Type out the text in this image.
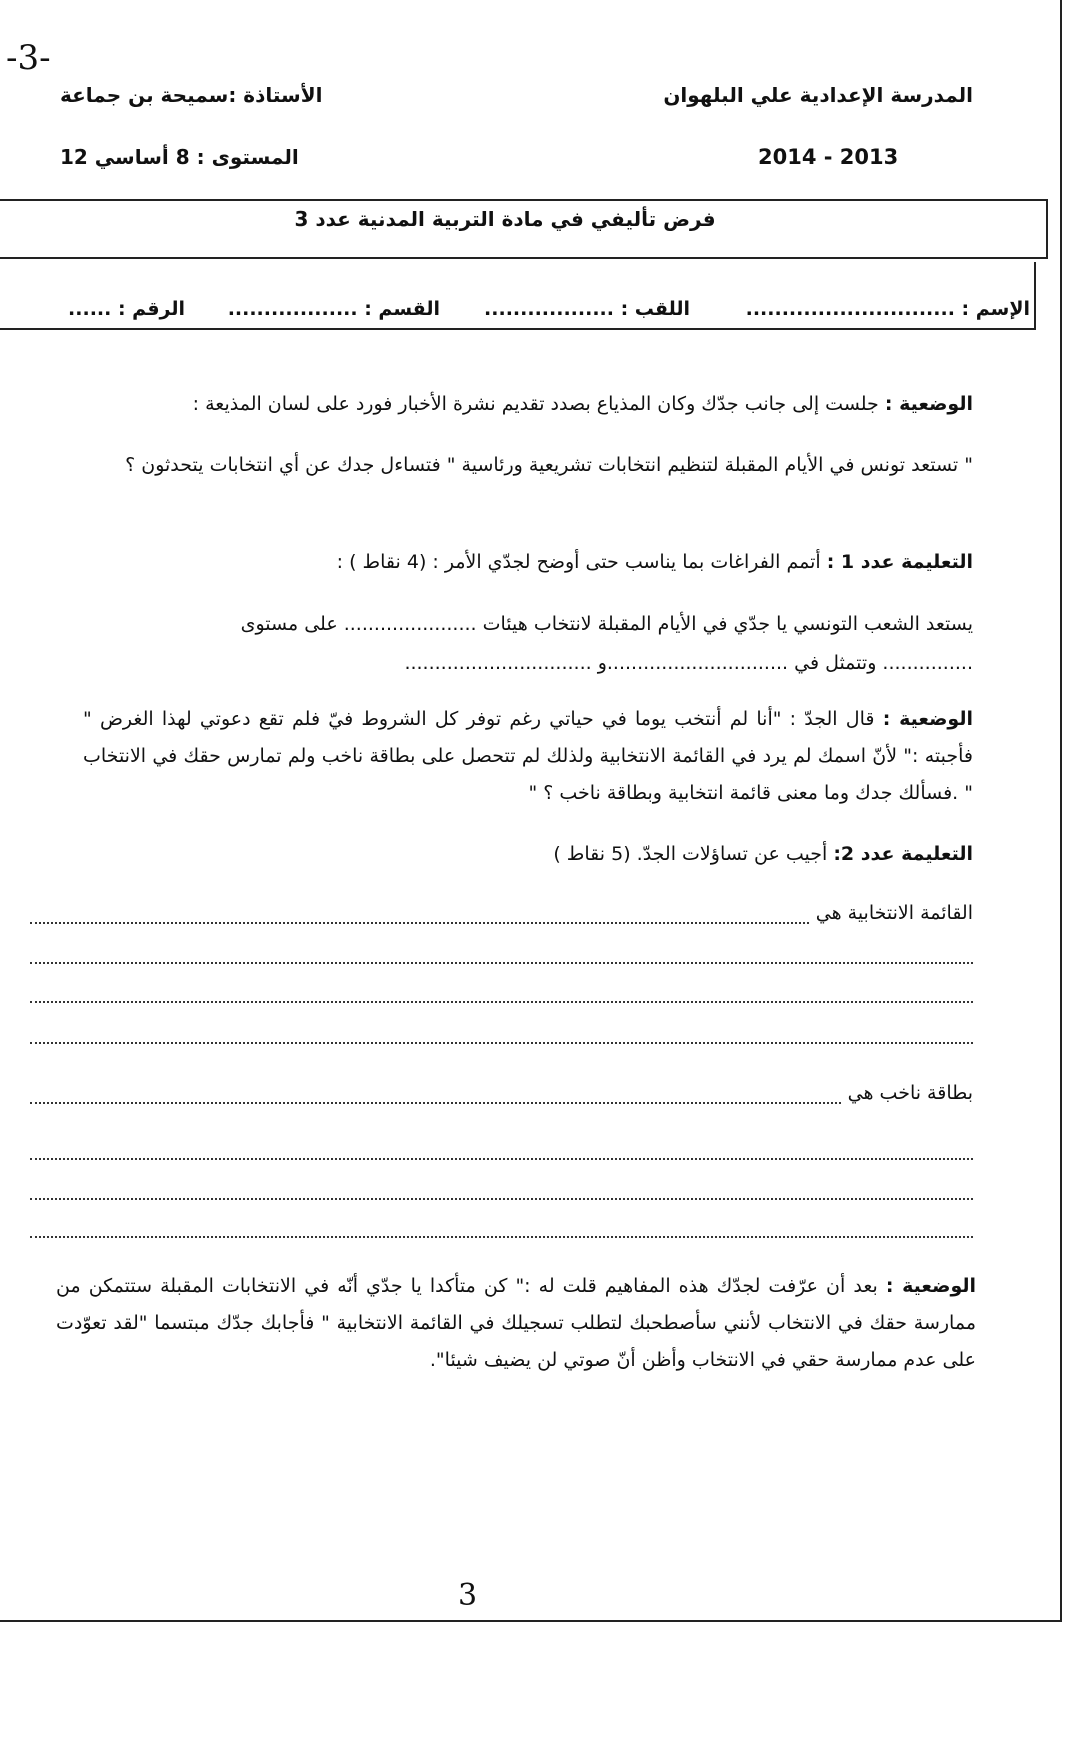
-3-
المدرسة الإعدادية علي البلهوان
الأستاذة :سميحة بن جماعة
2014 - 2013
المستوى : 8 أساسي 12
فرض تأليفي في مادة التربية المدنية عدد 3
الإسم : .............................
اللقب : ..................
القسم : ..................
الرقم : ......
الوضعية : جلست إلى جانب جدّك وكان المذياع بصدد تقديم نشرة الأخبار فورد على لسان المذيعة :
" تستعد تونس في الأيام المقبلة لتنظيم انتخابات تشريعية ورئاسية " فتساءل جدك عن أي انتخابات يتحدثون ؟
التعليمة عدد 1 : أتمم الفراغات بما يناسب حتى أوضح لجدّي الأمر : (4 نقاط ) :
يستعد الشعب التونسي يا جدّي في الأيام المقبلة لانتخاب هيئات ...................... على مستوى
............... وتتمثل في ..............................و ...............................
الوضعية : قال الجدّ : "أنا لم أنتخب يوما في حياتي رغم توفر كل الشروط فيّ فلم تقع دعوتي لهذا الغرض " فأجبته :" لأنّ اسمك لم يرد في القائمة الانتخابية ولذلك لم تتحصل على بطاقة ناخب ولم تمارس حقك في الانتخاب " .فسألك جدك وما معنى قائمة انتخابية وبطاقة ناخب ؟ "
التعليمة عدد 2: أجيب عن تساؤلات الجدّ. (5 نقاط )
القائمة الانتخابية هي
بطاقة ناخب هي
الوضعية : بعد أن عرّفت لجدّك هذه المفاهيم قلت له :" كن متأكدا يا جدّي أنّه في الانتخابات المقبلة ستتمكن من ممارسة حقك في الانتخاب لأنني سأصطحبك لتطلب تسجيلك في القائمة الانتخابية " فأجابك جدّك مبتسما "لقد تعوّدت على عدم ممارسة حقي في الانتخاب وأظن أنّ صوتي لن يضيف شيئا".
3
